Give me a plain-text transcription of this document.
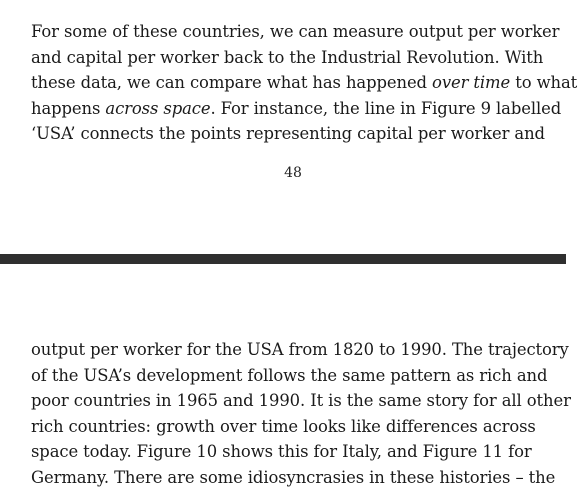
For some of these countries, we can measure output per worker
and capital per worker back to the Industrial Revolution. With
these data, we can compare what has happened over time to what
happens across space. For instance, the line in Figure 9 labelled
‘USA’ connects the points representing capital per worker and
48
output per worker for the USA from 1820 to 1990. The trajectory
of the USA’s development follows the same pattern as rich and
poor countries in 1965 and 1990. It is the same story for all other
rich countries: growth over time looks like differences across
space today. Figure 10 shows this for Italy, and Figure 11 for
Germany. There are some idiosyncrasies in these histories – the
